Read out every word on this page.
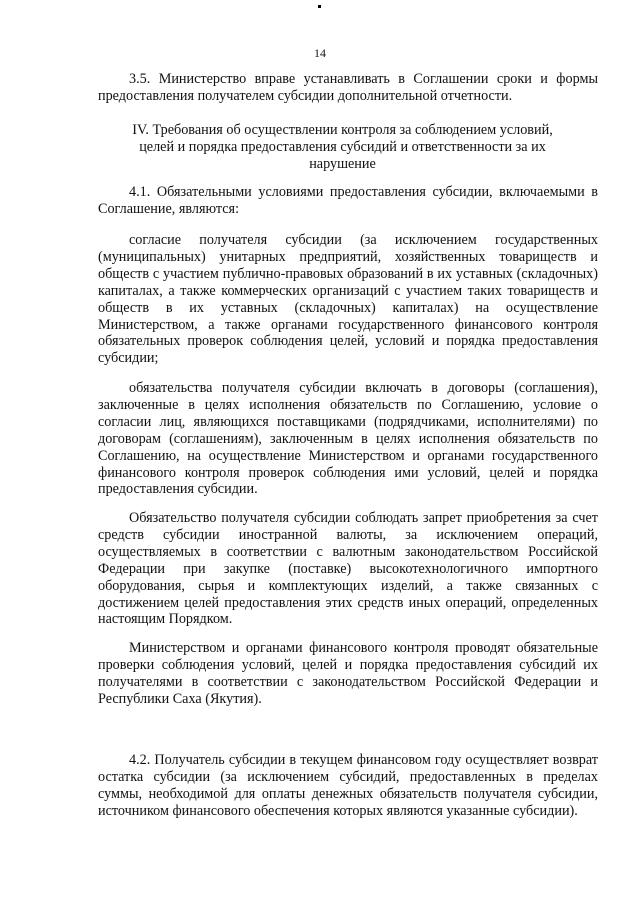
14

3.5. Министерство вправе устанавливать в Соглашении сроки и формы предоставления получателем субсидии дополнительной отчетности.

IV. Требования об осуществлении контроля за соблюдением условий, целей и порядка предоставления субсидий и ответственности за их нарушение

4.1. Обязательными условиями предоставления субсидии, включаемыми в Соглашение, являются:

согласие получателя субсидии (за исключением государственных (муниципальных) унитарных предприятий, хозяйственных товариществ и обществ с участием публично-правовых образований в их уставных (складочных) капиталах, а также коммерческих организаций с участием таких товариществ и обществ в их уставных (складочных) капиталах) на осуществление Министерством, а также органами государственного финансового контроля обязательных проверок соблюдения целей, условий и порядка предоставления субсидии;

обязательства получателя субсидии включать в договоры (соглашения), заключенные в целях исполнения обязательств по Соглашению, условие о согласии лиц, являющихся поставщиками (подрядчиками, исполнителями) по договорам (соглашениям), заключенным в целях исполнения обязательств по Соглашению, на осуществление Министерством и органами государственного финансового контроля проверок соблюдения ими условий, целей и порядка предоставления субсидии.

Обязательство получателя субсидии соблюдать запрет приобретения за счет средств субсидии иностранной валюты, за исключением операций, осуществляемых в соответствии с валютным законодательством Российской Федерации при закупке (поставке) высокотехнологичного импортного оборудования, сырья и комплектующих изделий, а также связанных с достижением целей предоставления этих средств иных операций, определенных настоящим Порядком.

Министерством и органами финансового контроля проводят обязательные проверки соблюдения условий, целей и порядка предоставления субсидий их получателями в соответствии с законодательством Российской Федерации и Республики Саха (Якутия).

4.2. Получатель субсидии в текущем финансовом году осуществляет возврат остатка субсидии (за исключением субсидий, предоставленных в пределах суммы, необходимой для оплаты денежных обязательств получателя субсидии, источником финансового обеспечения которых являются указанные субсидии).
